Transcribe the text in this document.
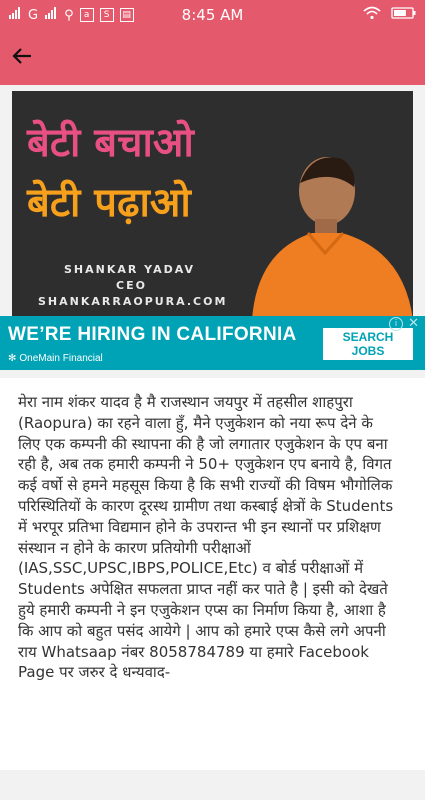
G ⚲	a	S	▤	8:45 AM
बेटी बचाओ
बेटी पढ़ाओ
SHANKAR YADAV
CEO
SHANKARRAOPURA.COM
WE’RE HIRING IN CALIFORNIA
✻ OneMain Financial
SEARCH JOBS
i ✕
मेरा नाम शंकर यादव है मै राजस्थान जयपुर में तहसील शाहपुरा (Raopura) का रहने वाला हुँ, मैने एजुकेशन को नया रूप देने के लिए एक कम्पनी की स्थापना की है जो लगातार एजुकेशन के एप बना रही है, अब तक हमारी कम्पनी ने 50+ एजुकेशन एप बनाये है, विगत कई वर्षो से हमने महसूस किया है कि सभी राज्यों की विषम भौगोलिक परिस्थितियों के कारण दूरस्थ ग्रामीण तथा कस्बाई क्षेत्रों के Students में भरपूर प्रतिभा विद्यमान होने के उपरान्त भी इन स्थानों पर प्रशिक्षण संस्थान न होने के कारण प्रतियोगी परीक्षाओं (IAS,SSC,UPSC,IBPS,POLICE,Etc) व बोर्ड परीक्षाओं में Students अपेक्षित सफलता प्राप्त नहीं कर पाते है | इसी को देखते हुये हमारी कम्पनी ने इन एजुकेशन एप्स का निर्माण किया है, आशा है कि आप को बहुत पसंद आयेगे | आप को हमारे एप्स कैसे लगे अपनी राय Whatsaap नंबर 8058784789 या हमारे Facebook Page पर जरुर दे धन्यवाद-
